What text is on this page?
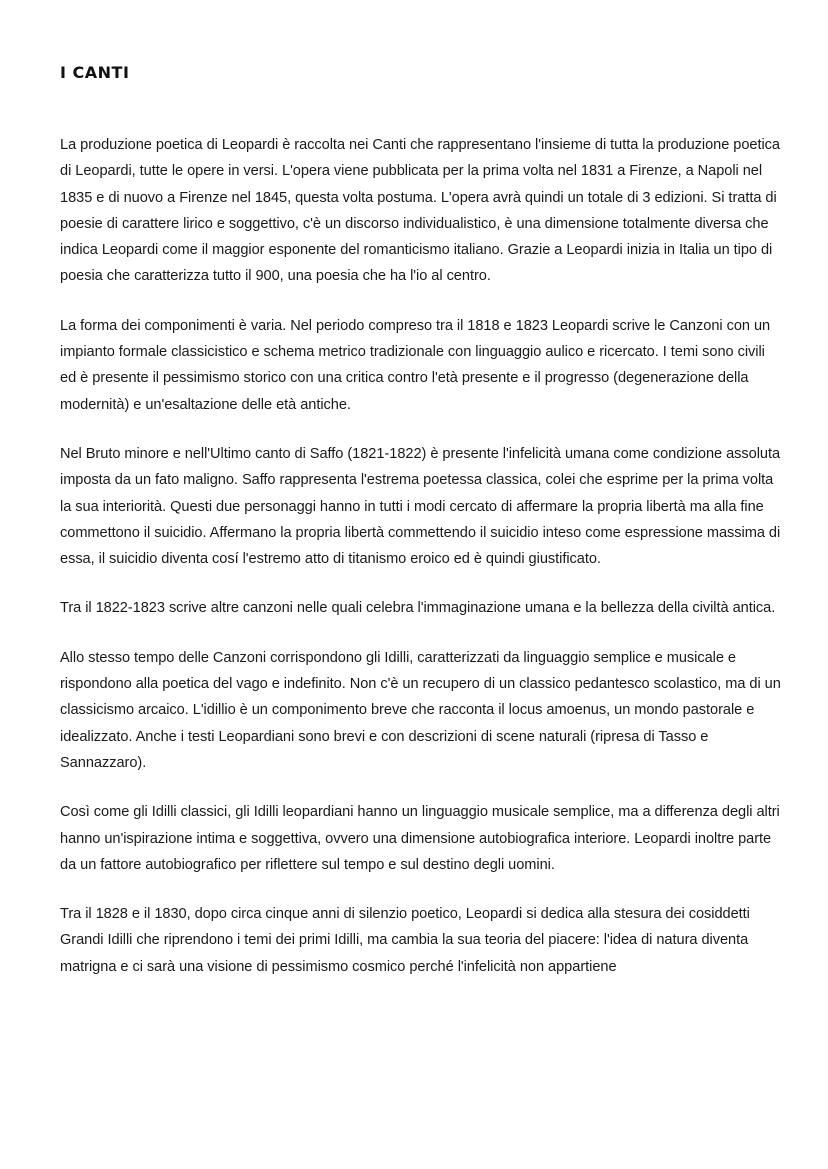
I CANTI

La produzione poetica di Leopardi è raccolta nei Canti che rappresentano l'insieme di tutta la produzione poetica di Leopardi, tutte le opere in versi. L'opera viene pubblicata per la prima volta nel 1831 a Firenze, a Napoli nel 1835 e di nuovo a Firenze nel 1845, questa volta postuma. L'opera avrà quindi un totale di 3 edizioni. Si tratta di poesie di carattere lirico e soggettivo, c'è un discorso individualistico, è una dimensione totalmente diversa che indica Leopardi come il maggior esponente del romanticismo italiano. Grazie a Leopardi inizia in Italia un tipo di poesia che caratterizza tutto il 900, una poesia che ha l'io al centro.

La forma dei componimenti è varia. Nel periodo compreso tra il 1818 e 1823 Leopardi scrive le Canzoni con un impianto formale classicistico e schema metrico tradizionale con linguaggio aulico e ricercato. I temi sono civili ed è presente il pessimismo storico con una critica contro l'età presente e il progresso (degenerazione della modernità) e un'esaltazione delle età antiche.

Nel Bruto minore e nell'Ultimo canto di Saffo (1821-1822) è presente l'infelicità umana come condizione assoluta imposta da un fato maligno. Saffo rappresenta l'estrema poetessa classica, colei che esprime per la prima volta la sua interiorità. Questi due personaggi hanno in tutti i modi cercato di affermare la propria libertà ma alla fine commettono il suicidio. Affermano la propria libertà commettendo il suicidio inteso come espressione massima di essa, il suicidio diventa cosí l'estremo atto di titanismo eroico ed è quindi giustificato.

Tra il 1822-1823 scrive altre canzoni nelle quali celebra l'immaginazione umana e la bellezza della civiltà antica.

Allo stesso tempo delle Canzoni corrispondono gli Idilli, caratterizzati da linguaggio semplice e musicale e rispondono alla poetica del vago e indefinito. Non c'è un recupero di un classico pedantesco scolastico, ma di un classicismo arcaico. L'idillio è un componimento breve che racconta il locus amoenus, un mondo pastorale e idealizzato. Anche i testi Leopardiani sono brevi e con descrizioni di scene naturali (ripresa di Tasso e Sannazzaro).

Così come gli Idilli classici, gli Idilli leopardiani hanno un linguaggio musicale semplice, ma a differenza degli altri hanno un'ispirazione intima e soggettiva, ovvero una dimensione autobiografica interiore. Leopardi inoltre parte da un fattore autobiografico per riflettere sul tempo e sul destino degli uomini.

Tra il 1828 e il 1830, dopo circa cinque anni di silenzio poetico, Leopardi si dedica alla stesura dei cosiddetti Grandi Idilli che riprendono i temi dei primi Idilli, ma cambia la sua teoria del piacere: l'idea di natura diventa matrigna e ci sarà una visione di pessimismo cosmico perché l'infelicità non appartiene
